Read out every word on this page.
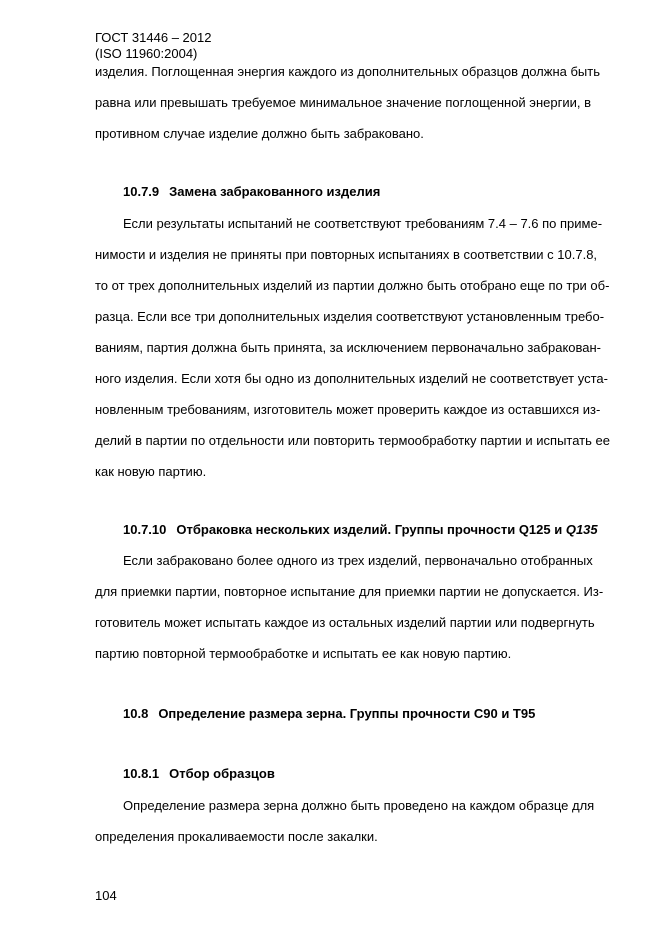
ГОСТ 31446 – 2012
(ISO 11960:2004)
изделия. Поглощенная энергия каждого из дополнительных образцов должна быть
равна или превышать требуемое минимальное значение поглощенной энергии, в
противном случае изделие должно быть забраковано.
10.7.9 Замена забракованного изделия
Если результаты испытаний не соответствуют требованиям 7.4 – 7.6 по приме-
нимости и изделия не приняты при повторных испытаниях в соответствии с 10.7.8,
то от трех дополнительных изделий из партии должно быть отобрано еще по три об-
разца. Если все три дополнительных изделия соответствуют установленным требо-
ваниям, партия должна быть принята, за исключением первоначально забракован-
ного изделия. Если хотя бы одно из дополнительных изделий не соответствует уста-
новленным требованиям, изготовитель может проверить каждое из оставшихся из-
делий в партии по отдельности или повторить термообработку партии и испытать ее
как новую партию.
10.7.10 Отбраковка нескольких изделий. Группы прочности Q125 и Q135
Если забраковано более одного из трех изделий, первоначально отобранных
для приемки партии, повторное испытание для приемки партии не допускается. Из-
готовитель может испытать каждое из остальных изделий партии или подвергнуть
партию повторной термообработке и испытать ее как новую партию.
10.8 Определение размера зерна. Группы прочности С90 и Т95
10.8.1 Отбор образцов
Определение размера зерна должно быть проведено на каждом образце для
определения прокаливаемости после закалки.
104
